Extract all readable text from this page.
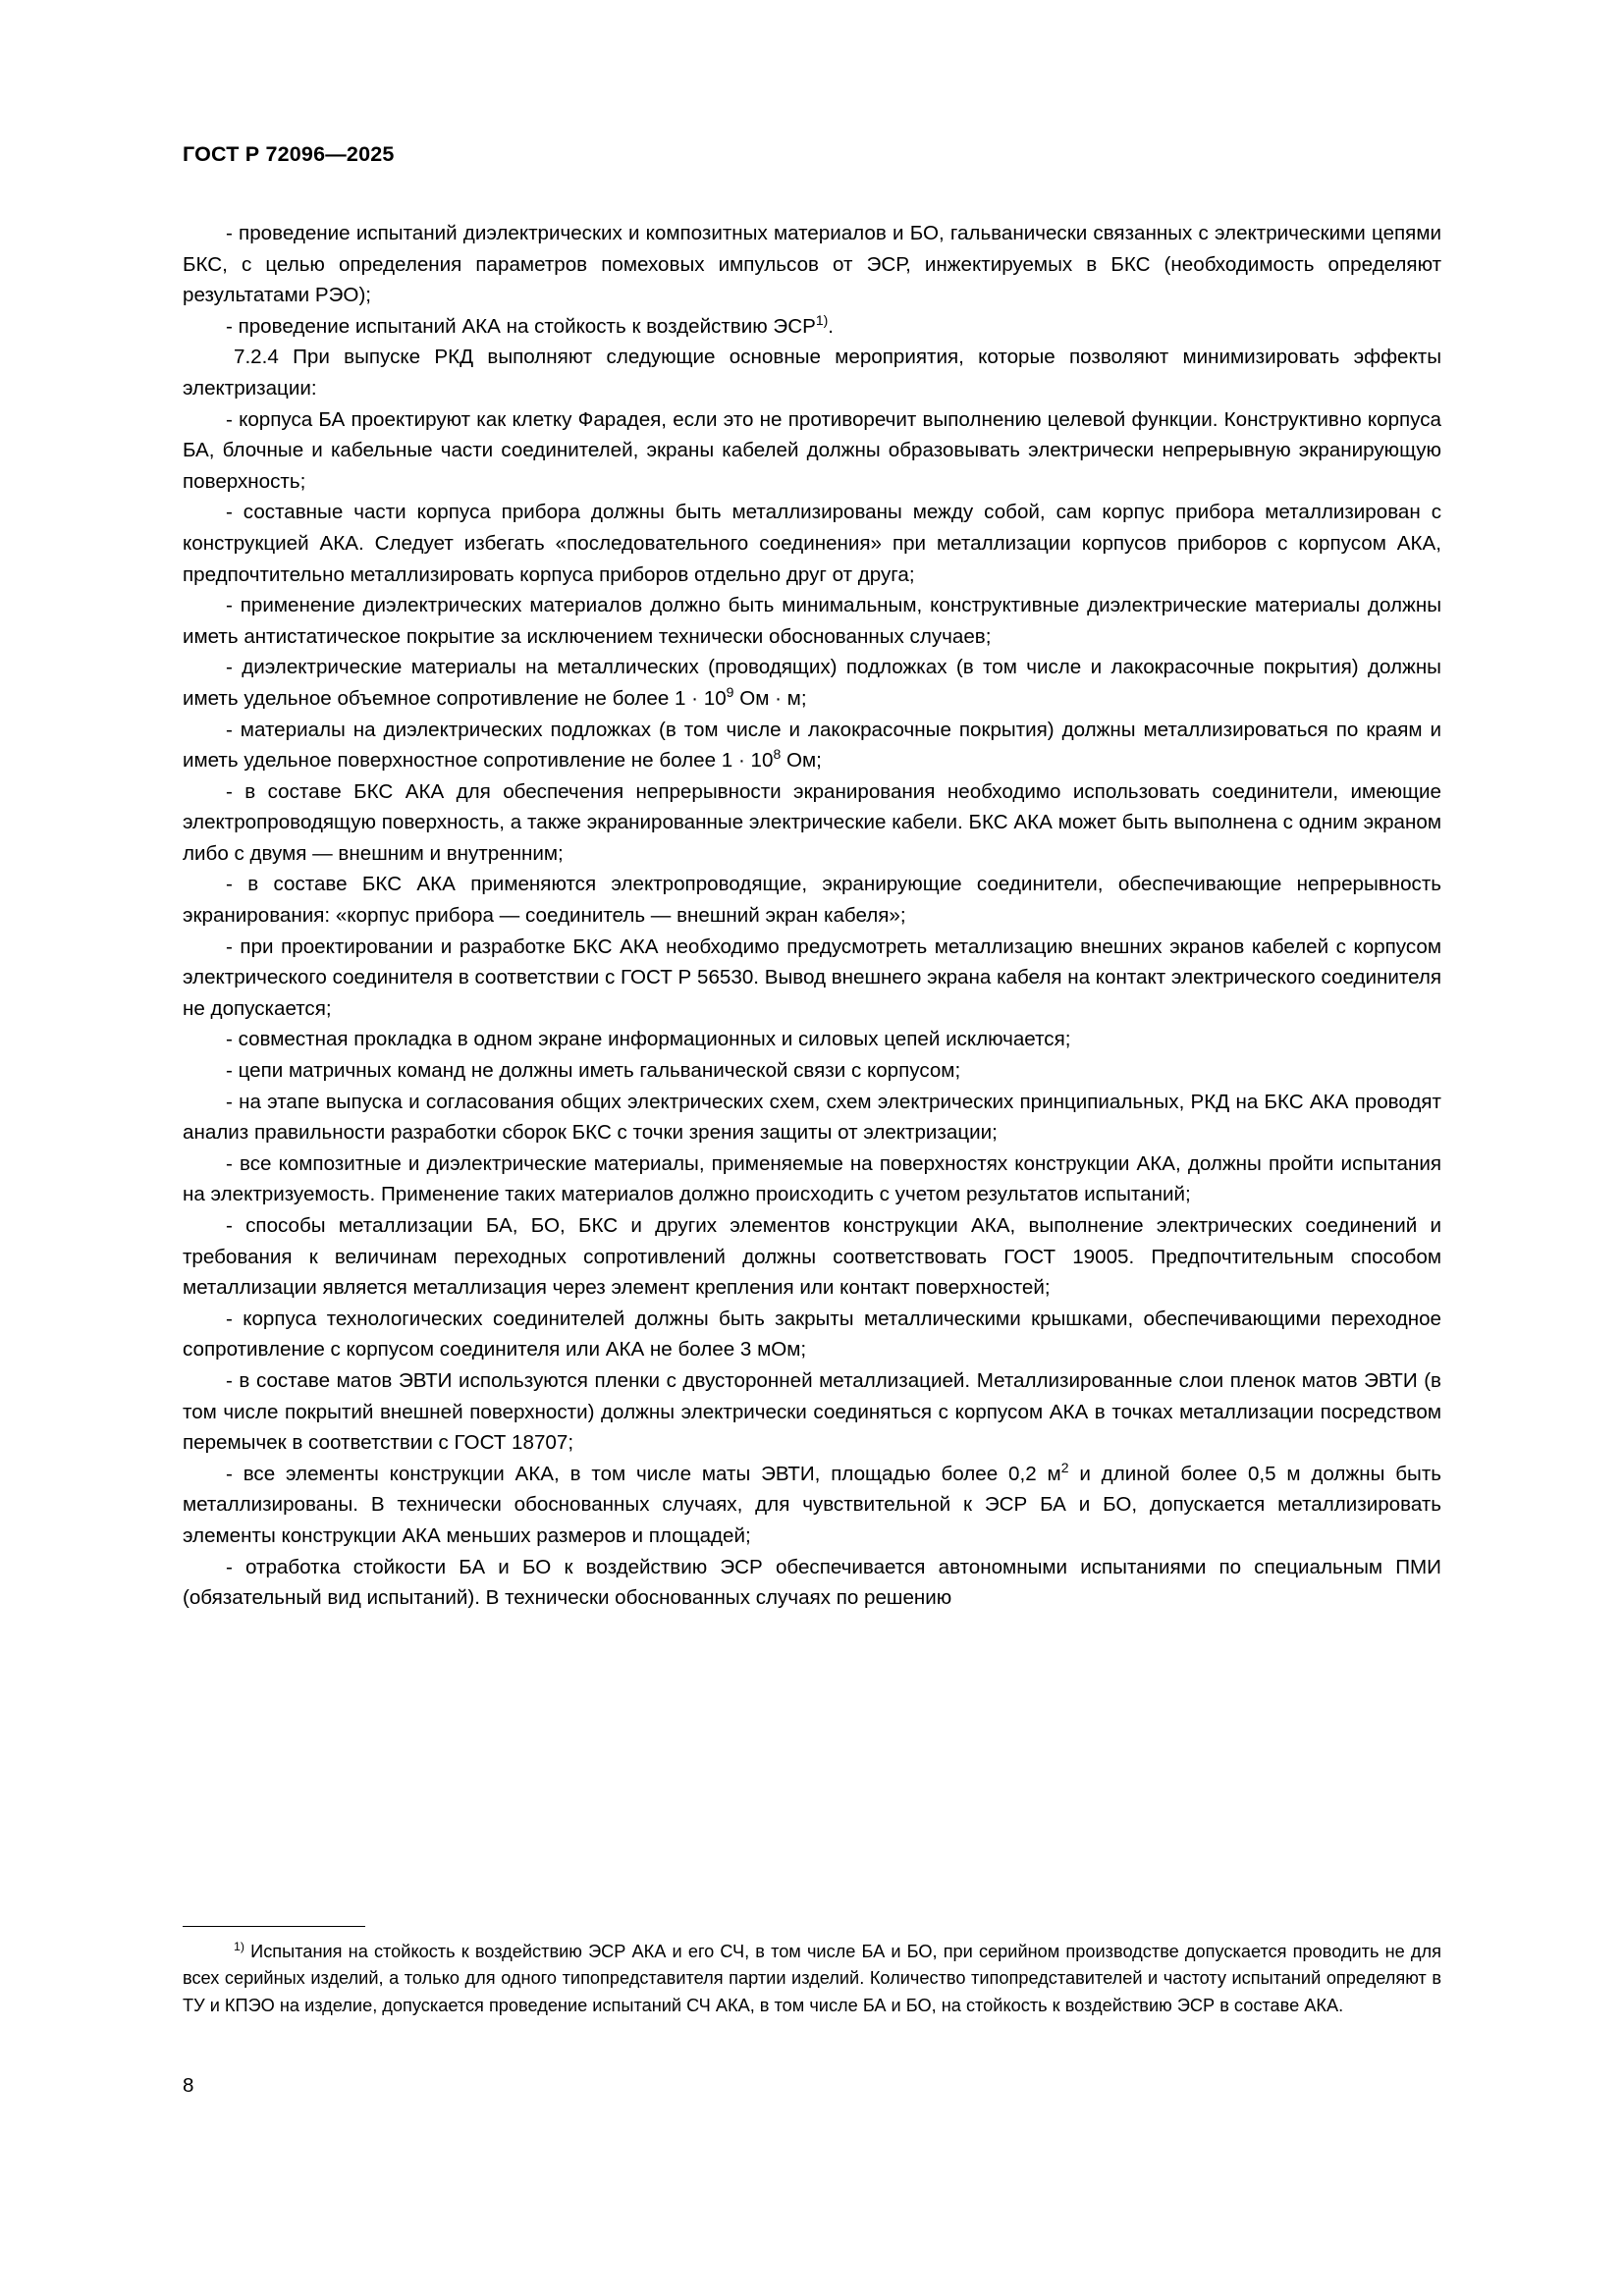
ГОСТ Р 72096—2025

- проведение испытаний диэлектрических и композитных материалов и БО, гальванически связанных с электрическими цепями БКС, с целью определения параметров помеховых импульсов от ЭСР, инжектируемых в БКС (необходимость определяют результатами РЭО);

- проведение испытаний АКА на стойкость к воздействию ЭСР$^{1)}$.

7.2.4 При выпуске РКД выполняют следующие основные мероприятия, которые позволяют минимизировать эффекты электризации:

- корпуса БА проектируют как клетку Фарадея, если это не противоречит выполнению целевой функции. Конструктивно корпуса БА, блочные и кабельные части соединителей, экраны кабелей должны образовывать электрически непрерывную экранирующую поверхность;

- составные части корпуса прибора должны быть металлизированы между собой, сам корпус прибора металлизирован с конструкцией АКА. Следует избегать «последовательного соединения» при металлизации корпусов приборов с корпусом АКА, предпочтительно металлизировать корпуса приборов отдельно друг от друга;

- применение диэлектрических материалов должно быть минимальным, конструктивные диэлектрические материалы должны иметь антистатическое покрытие за исключением технически обоснованных случаев;

- диэлектрические материалы на металлических (проводящих) подложках (в том числе и лакокрасочные покрытия) должны иметь удельное объемное сопротивление не более $1 \cdot 10^9$ Ом · м;

- материалы на диэлектрических подложках (в том числе и лакокрасочные покрытия) должны металлизироваться по краям и иметь удельное поверхностное сопротивление не более $1 \cdot 10^8$ Ом;

- в составе БКС АКА для обеспечения непрерывности экранирования необходимо использовать соединители, имеющие электропроводящую поверхность, а также экранированные электрические кабели. БКС АКА может быть выполнена с одним экраном либо с двумя — внешним и внутренним;

- в составе БКС АКА применяются электропроводящие, экранирующие соединители, обеспечивающие непрерывность экранирования: «корпус прибора — соединитель — внешний экран кабеля»;

- при проектировании и разработке БКС АКА необходимо предусмотреть металлизацию внешних экранов кабелей с корпусом электрического соединителя в соответствии с ГОСТ Р 56530. Вывод внешнего экрана кабеля на контакт электрического соединителя не допускается;

- совместная прокладка в одном экране информационных и силовых цепей исключается;

- цепи матричных команд не должны иметь гальванической связи с корпусом;

- на этапе выпуска и согласования общих электрических схем, схем электрических принципиальных, РКД на БКС АКА проводят анализ правильности разработки сборок БКС с точки зрения защиты от электризации;

- все композитные и диэлектрические материалы, применяемые на поверхностях конструкции АКА, должны пройти испытания на электризуемость. Применение таких материалов должно происходить с учетом результатов испытаний;

- способы металлизации БА, БО, БКС и других элементов конструкции АКА, выполнение электрических соединений и требования к величинам переходных сопротивлений должны соответствовать ГОСТ 19005. Предпочтительным способом металлизации является металлизация через элемент крепления или контакт поверхностей;

- корпуса технологических соединителей должны быть закрыты металлическими крышками, обеспечивающими переходное сопротивление с корпусом соединителя или АКА не более 3 мОм;

- в составе матов ЭВТИ используются пленки с двусторонней металлизацией. Металлизированные слои пленок матов ЭВТИ (в том числе покрытий внешней поверхности) должны электрически соединяться с корпусом АКА в точках металлизации посредством перемычек в соответствии с ГОСТ 18707;

- все элементы конструкции АКА, в том числе маты ЭВТИ, площадью более 0,2 $м^2$ и длиной более 0,5 м должны быть металлизированы. В технически обоснованных случаях, для чувствительной к ЭСР БА и БО, допускается металлизировать элементы конструкции АКА меньших размеров и площадей;

- отработка стойкости БА и БО к воздействию ЭСР обеспечивается автономными испытаниями по специальным ПМИ (обязательный вид испытаний). В технически обоснованных случаях по решению

$^{1)}$ Испытания на стойкость к воздействию ЭСР АКА и его СЧ, в том числе БА и БО, при серийном производстве допускается проводить не для всех серийных изделий, а только для одного типопредставителя партии изделий. Количество типопредставителей и частоту испытаний определяют в ТУ и КПЭО на изделие, допускается проведение испытаний СЧ АКА, в том числе БА и БО, на стойкость к воздействию ЭСР в составе АКА.

8
